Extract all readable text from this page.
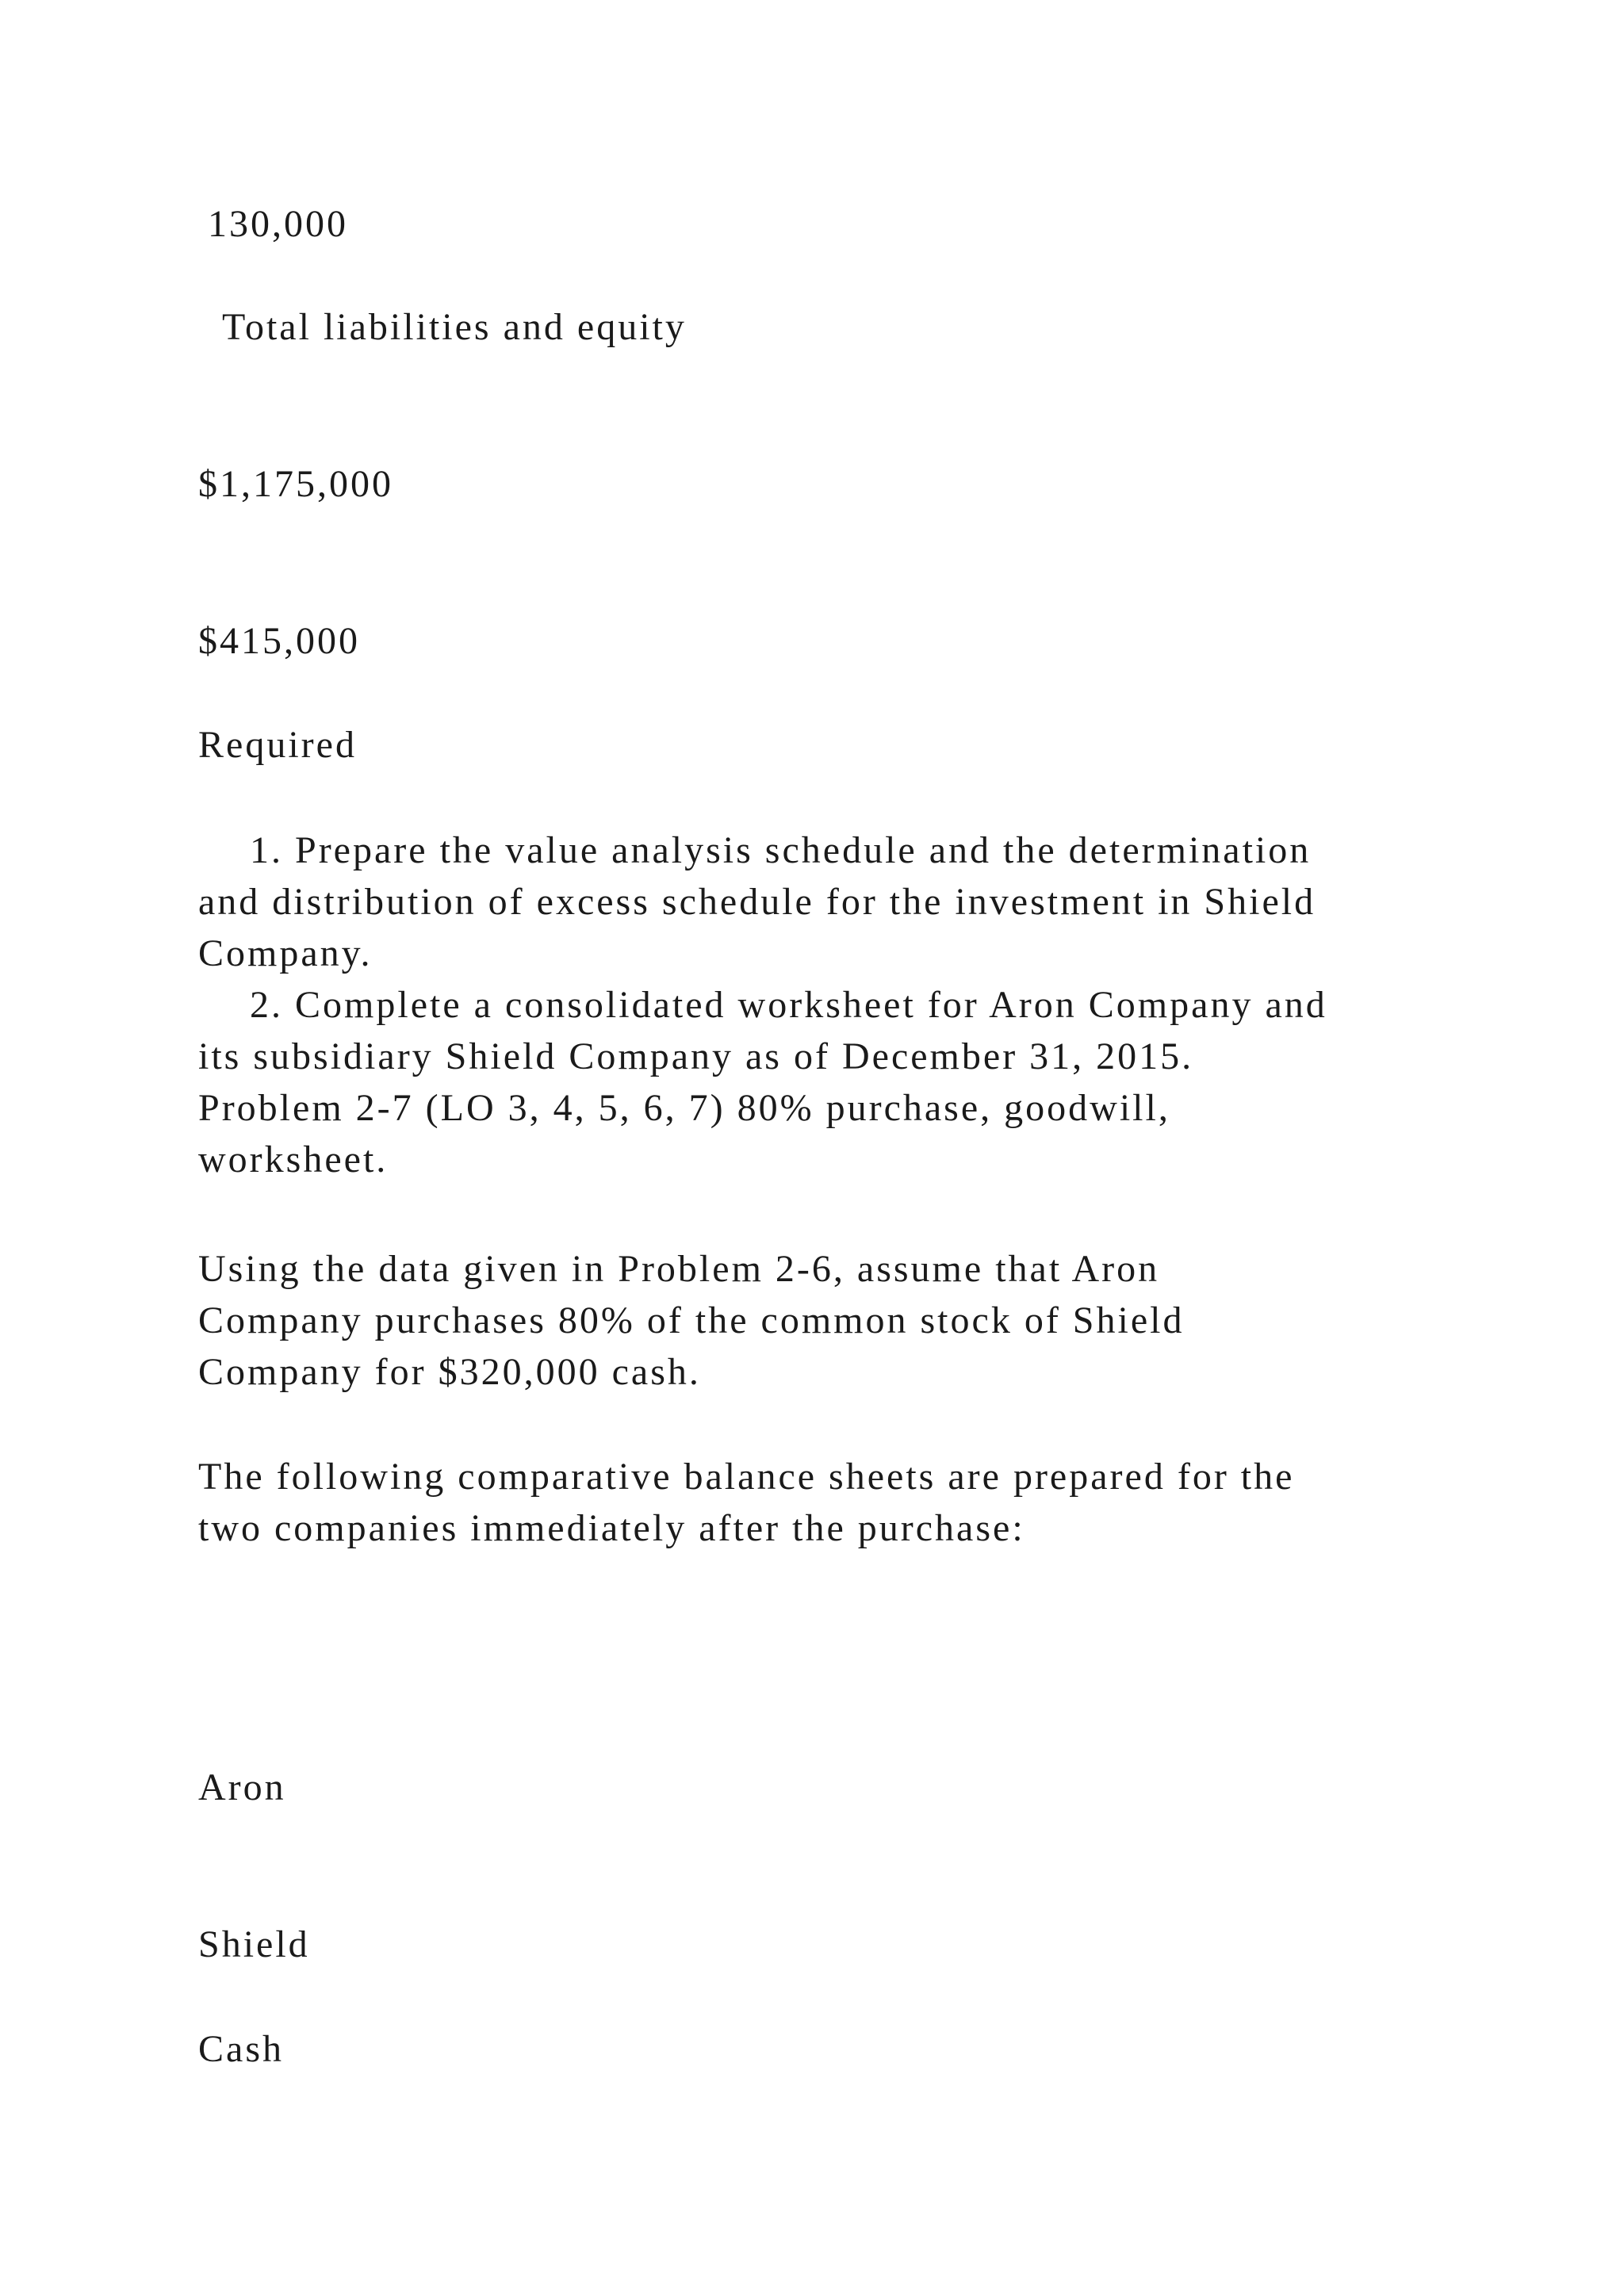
130,000

Total liabilities and equity

$1,175,000

$415,000

Required

1. Prepare the value analysis schedule and the determination
and distribution of excess schedule for the investment in Shield
Company.
2. Complete a consolidated worksheet for Aron Company and
its subsidiary Shield Company as of December 31, 2015.
Problem 2-7 (LO 3, 4, 5, 6, 7) 80% purchase, goodwill,
worksheet.
Using the data given in Problem 2-6, assume that Aron
Company purchases 80% of the common stock of Shield
Company for $320,000 cash.
The following comparative balance sheets are prepared for the
two companies immediately after the purchase:

Aron

Shield

Cash
